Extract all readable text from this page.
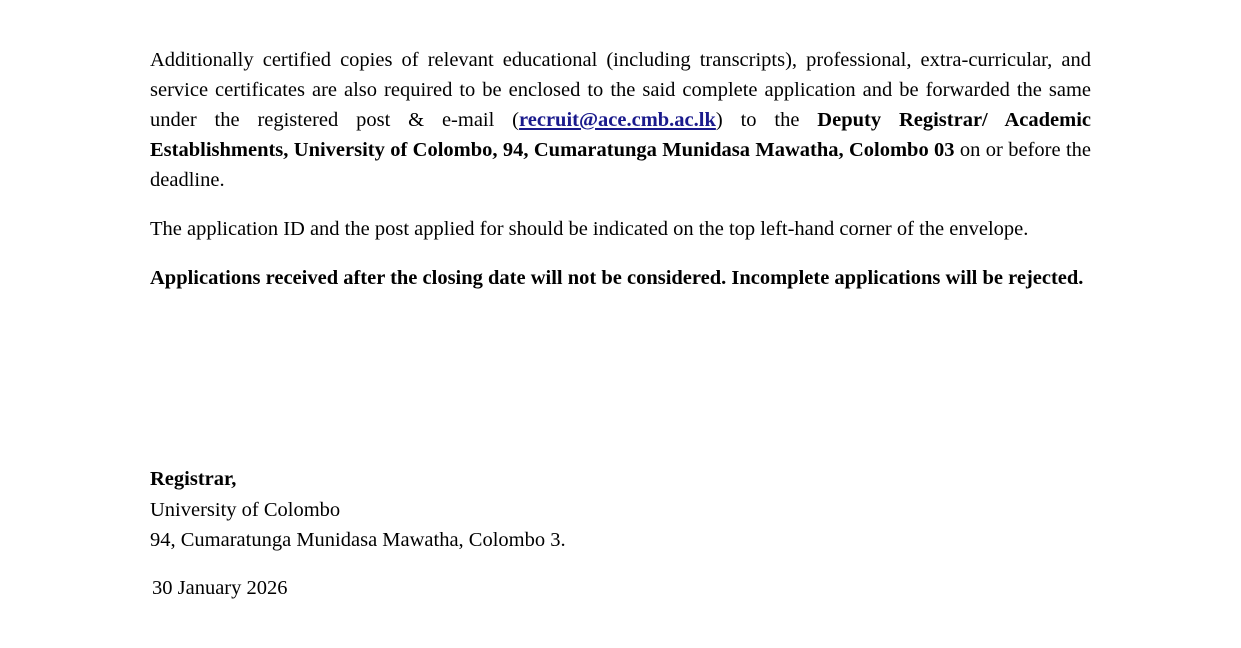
Additionally certified copies of relevant educational (including transcripts), professional, extra-curricular, and service certificates are also required to be enclosed to the said complete application and be forwarded the same under the registered post & e-mail (recruit@ace.cmb.ac.lk) to the Deputy Registrar/ Academic Establishments, University of Colombo, 94, Cumaratunga Munidasa Mawatha, Colombo 03 on or before the deadline.

The application ID and the post applied for should be indicated on the top left-hand corner of the envelope.

Applications received after the closing date will not be considered. Incomplete applications will be rejected.

Registrar,
University of Colombo
94, Cumaratunga Munidasa Mawatha, Colombo 3.
30 January 2026
